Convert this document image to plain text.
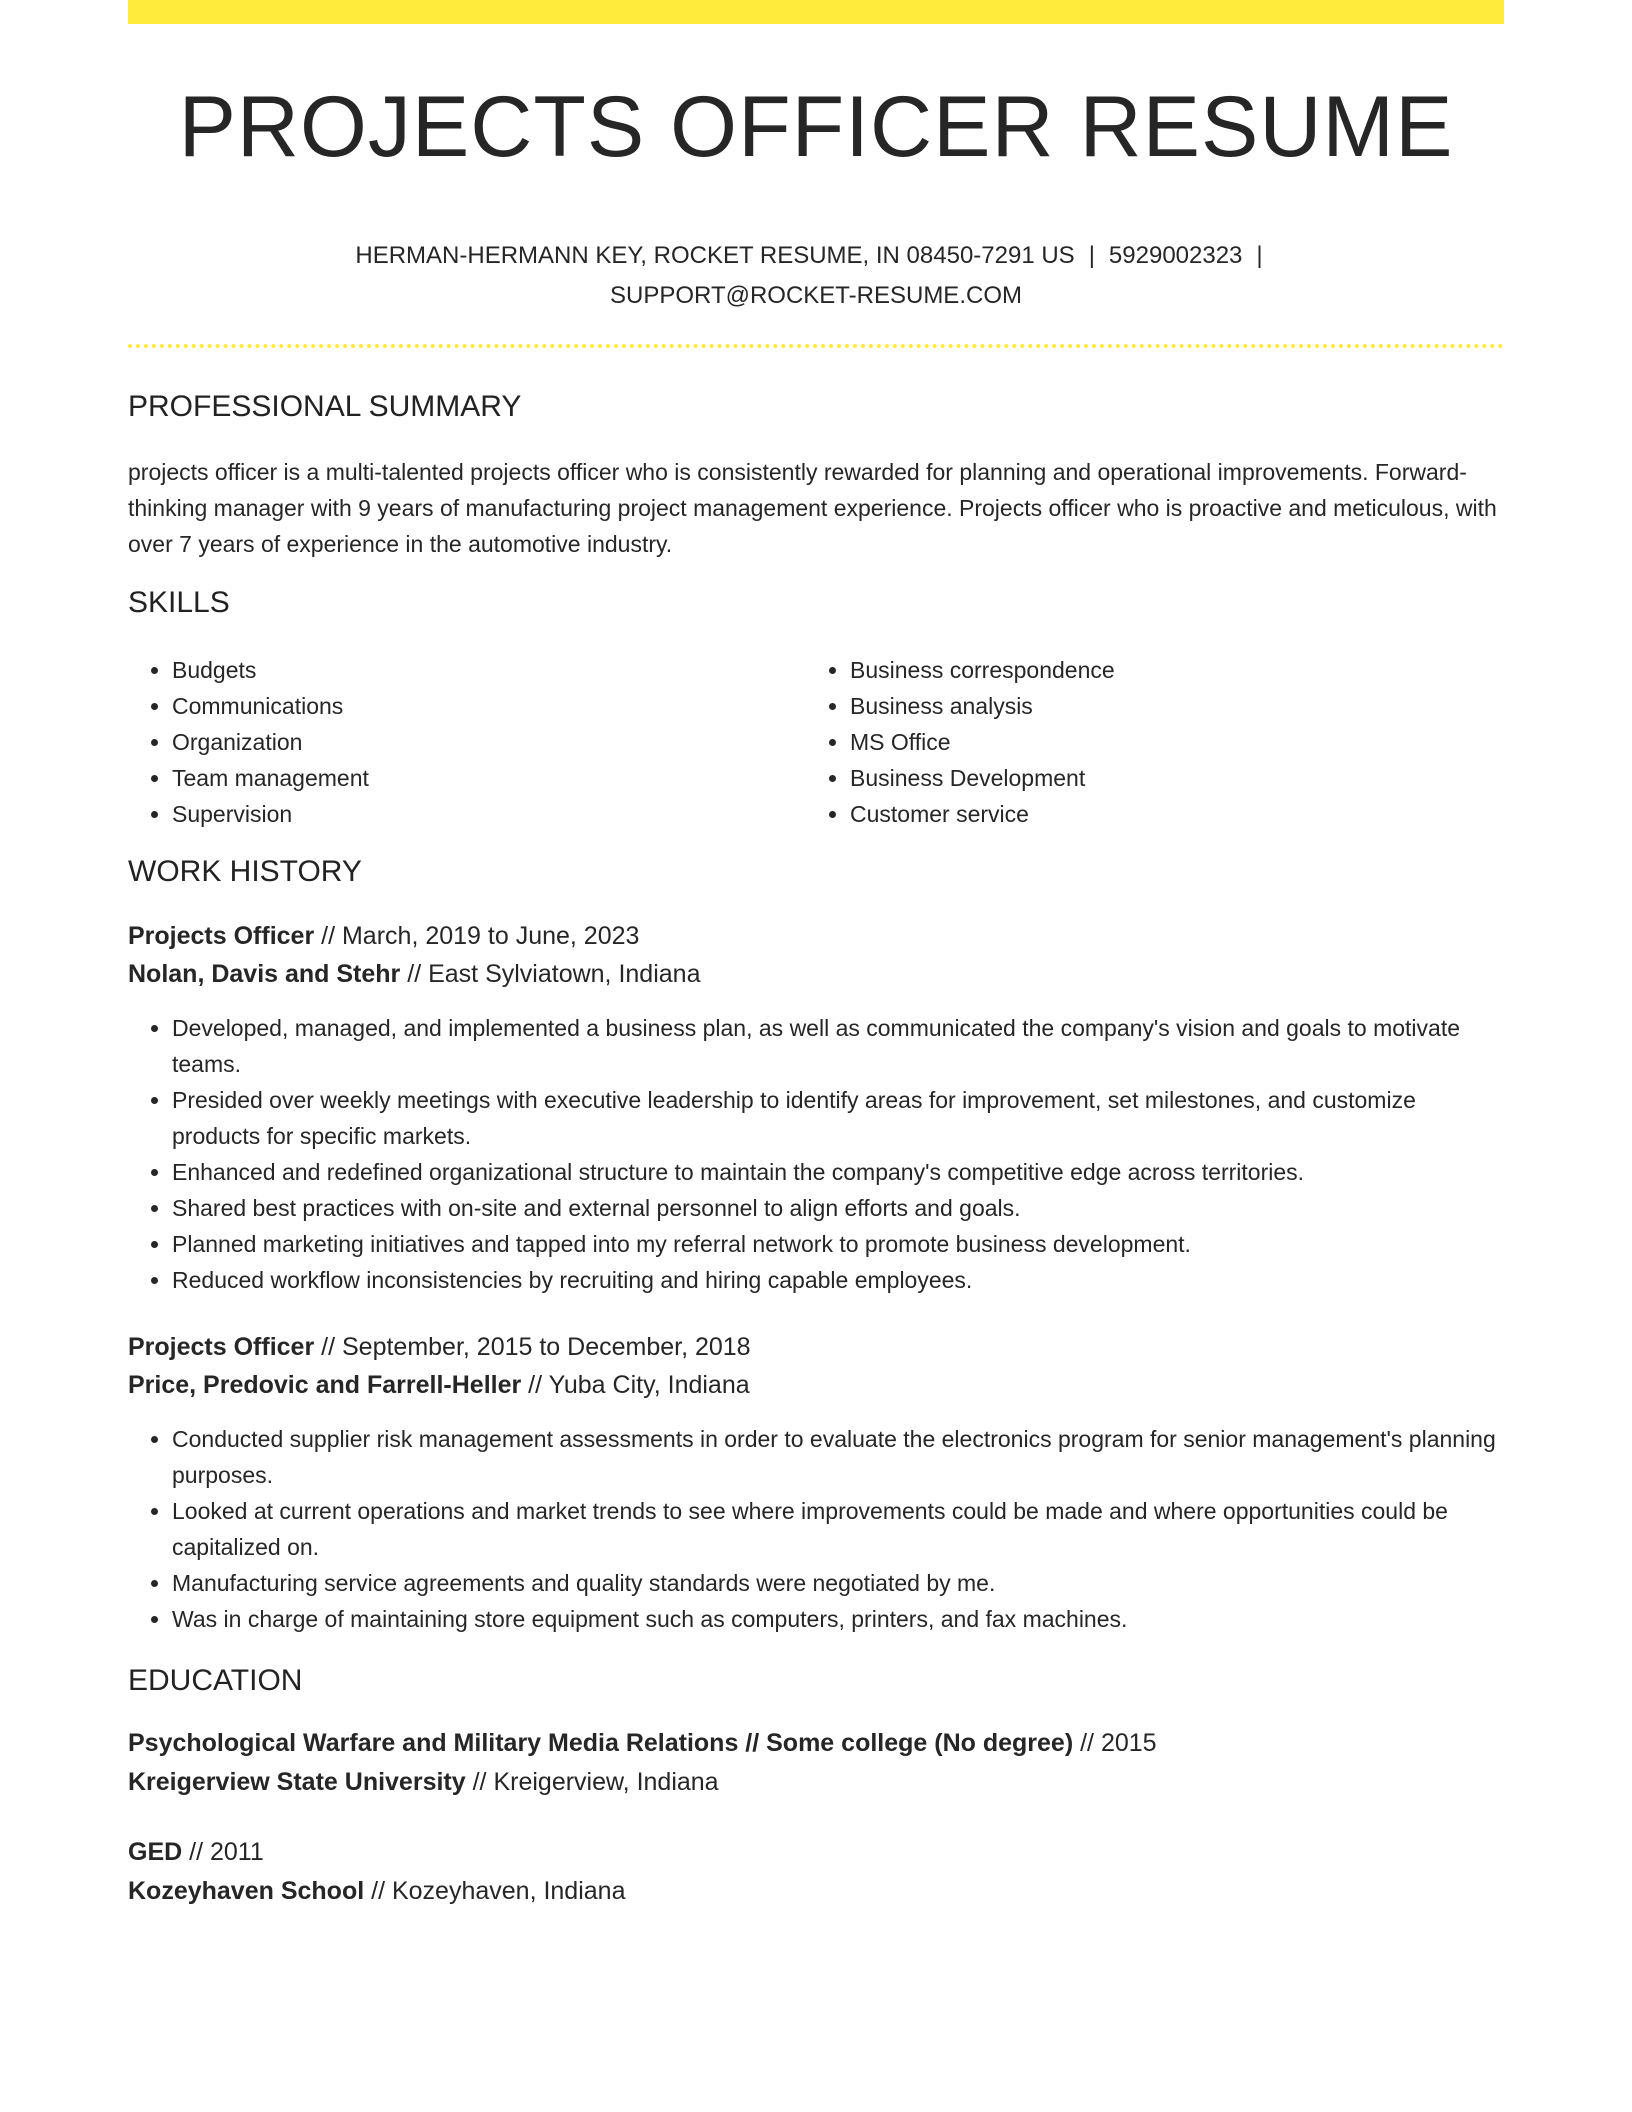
PROJECTS OFFICER RESUME
HERMAN-HERMANN KEY, ROCKET RESUME, IN 08450-7291 US | 5929002323 |
SUPPORT@ROCKET-RESUME.COM
PROFESSIONAL SUMMARY

projects officer is a multi-talented projects officer who is consistently rewarded for planning and operational improvements. Forward-thinking manager with 9 years of manufacturing project management experience. Projects officer who is proactive and meticulous, with over 7 years of experience in the automotive industry.

SKILLS
• Budgets
• Communications
• Organization
• Team management
• Supervision
• Business correspondence
• Business analysis
• MS Office
• Business Development
• Customer service
WORK HISTORY
Projects Officer // March, 2019 to June, 2023
Nolan, Davis and Stehr // East Sylviatown, Indiana
• Developed, managed, and implemented a business plan, as well as communicated the company's vision and goals to motivate teams.
• Presided over weekly meetings with executive leadership to identify areas for improvement, set milestones, and customize products for specific markets.
• Enhanced and redefined organizational structure to maintain the company's competitive edge across territories.
• Shared best practices with on-site and external personnel to align efforts and goals.
• Planned marketing initiatives and tapped into my referral network to promote business development.
• Reduced workflow inconsistencies by recruiting and hiring capable employees.
Projects Officer // September, 2015 to December, 2018
Price, Predovic and Farrell-Heller // Yuba City, Indiana
• Conducted supplier risk management assessments in order to evaluate the electronics program for senior management's planning purposes.
• Looked at current operations and market trends to see where improvements could be made and where opportunities could be capitalized on.
• Manufacturing service agreements and quality standards were negotiated by me.
• Was in charge of maintaining store equipment such as computers, printers, and fax machines.
EDUCATION
Psychological Warfare and Military Media Relations // Some college (No degree) // 2015
Kreigerview State University // Kreigerview, Indiana
GED // 2011
Kozeyhaven School // Kozeyhaven, Indiana
